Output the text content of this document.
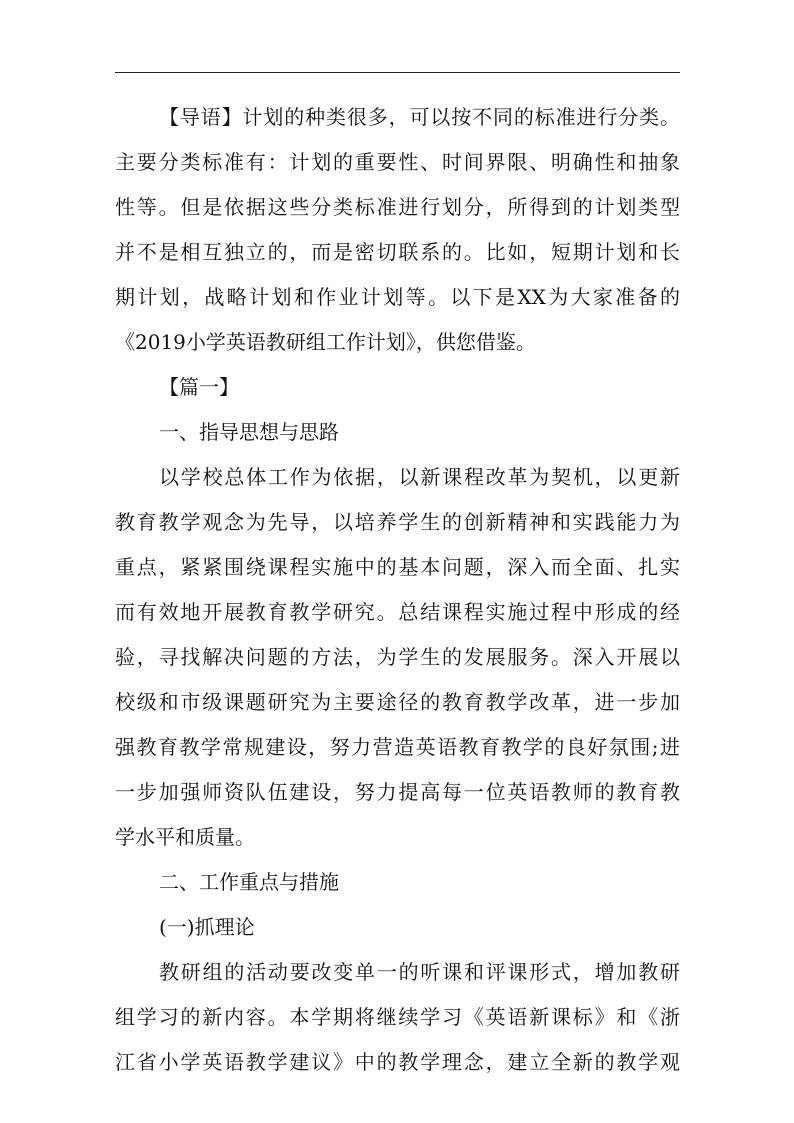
【导语】计划的种类很多，可以按不同的标准进行分类。
主要分类标准有：计划的重要性、时间界限、明确性和抽象
性等。但是依据这些分类标准进行划分，所得到的计划类型
并不是相互独立的，而是密切联系的。比如，短期计划和长
期计划，战略计划和作业计划等。以下是XX为大家准备的
《2019小学英语教研组工作计划》，供您借鉴。
【篇一】
一、指导思想与思路
以学校总体工作为依据，以新课程改革为契机，以更新
教育教学观念为先导，以培养学生的创新精神和实践能力为
重点，紧紧围绕课程实施中的基本问题，深入而全面、扎实
而有效地开展教育教学研究。总结课程实施过程中形成的经
验，寻找解决问题的方法，为学生的发展服务。深入开展以
校级和市级课题研究为主要途径的教育教学改革，进一步加
强教育教学常规建设，努力营造英语教育教学的良好氛围;进
一步加强师资队伍建设，努力提高每一位英语教师的教育教
学水平和质量。
二、工作重点与措施
(一)抓理论
教研组的活动要改变单一的听课和评课形式，增加教研
组学习的新内容。本学期将继续学习《英语新课标》和《浙
江省小学英语教学建议》中的教学理念，建立全新的教学观
